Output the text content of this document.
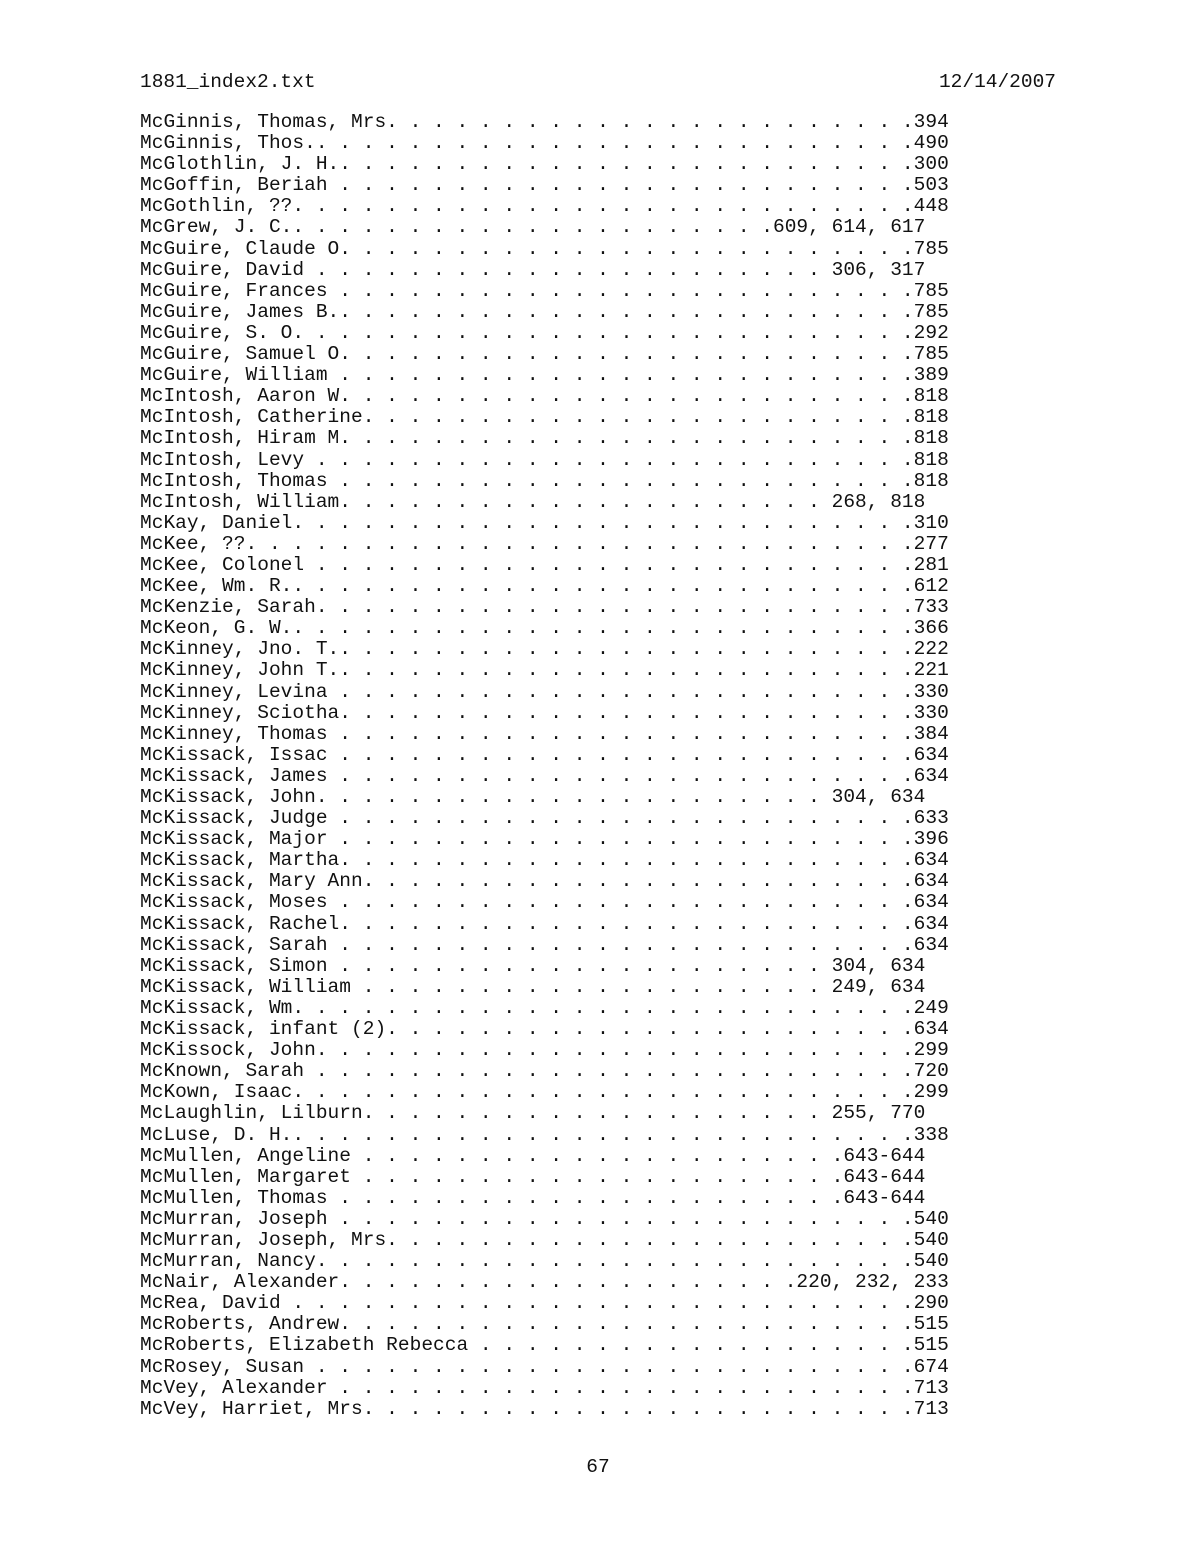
1881_index2.txt	12/14/2007
McGinnis, Thomas, Mrs. . . . . . . . . . . . . . . . . . . . . . .394
McGinnis, Thos.. . . . . . . . . . . . . . . . . . . . . . . . . .490
McGlothlin, J. H.. . . . . . . . . . . . . . . . . . . . . . . . .300
McGoffin, Beriah . . . . . . . . . . . . . . . . . . . . . . . . .503
McGothlin, ??. . . . . . . . . . . . . . . . . . . . . . . . . . .448
McGrew, J. C.. . . . . . . . . . . . . . . . . . . . .609, 614, 617
McGuire, Claude O. . . . . . . . . . . . . . . . . . . . . . . . .785
McGuire, David . . . . . . . . . . . . . . . . . . . . . . 306, 317
McGuire, Frances . . . . . . . . . . . . . . . . . . . . . . . . .785
McGuire, James B.. . . . . . . . . . . . . . . . . . . . . . . . .785
McGuire, S. O. . . . . . . . . . . . . . . . . . . . . . . . . . .292
McGuire, Samuel O. . . . . . . . . . . . . . . . . . . . . . . . .785
McGuire, William . . . . . . . . . . . . . . . . . . . . . . . . .389
McIntosh, Aaron W. . . . . . . . . . . . . . . . . . . . . . . . .818
McIntosh, Catherine. . . . . . . . . . . . . . . . . . . . . . . .818
McIntosh, Hiram M. . . . . . . . . . . . . . . . . . . . . . . . .818
McIntosh, Levy . . . . . . . . . . . . . . . . . . . . . . . . . .818
McIntosh, Thomas . . . . . . . . . . . . . . . . . . . . . . . . .818
McIntosh, William. . . . . . . . . . . . . . . . . . . . . 268, 818
McKay, Daniel. . . . . . . . . . . . . . . . . . . . . . . . . . .310
McKee, ??. . . . . . . . . . . . . . . . . . . . . . . . . . . . .277
McKee, Colonel . . . . . . . . . . . . . . . . . . . . . . . . . .281
McKee, Wm. R.. . . . . . . . . . . . . . . . . . . . . . . . . . .612
McKenzie, Sarah. . . . . . . . . . . . . . . . . . . . . . . . . .733
McKeon, G. W.. . . . . . . . . . . . . . . . . . . . . . . . . . .366
McKinney, Jno. T.. . . . . . . . . . . . . . . . . . . . . . . . .222
McKinney, John T.. . . . . . . . . . . . . . . . . . . . . . . . .221
McKinney, Levina . . . . . . . . . . . . . . . . . . . . . . . . .330
McKinney, Sciotha. . . . . . . . . . . . . . . . . . . . . . . . .330
McKinney, Thomas . . . . . . . . . . . . . . . . . . . . . . . . .384
McKissack, Issac . . . . . . . . . . . . . . . . . . . . . . . . .634
McKissack, James . . . . . . . . . . . . . . . . . . . . . . . . .634
McKissack, John. . . . . . . . . . . . . . . . . . . . . . 304, 634
McKissack, Judge . . . . . . . . . . . . . . . . . . . . . . . . .633
McKissack, Major . . . . . . . . . . . . . . . . . . . . . . . . .396
McKissack, Martha. . . . . . . . . . . . . . . . . . . . . . . . .634
McKissack, Mary Ann. . . . . . . . . . . . . . . . . . . . . . . .634
McKissack, Moses . . . . . . . . . . . . . . . . . . . . . . . . .634
McKissack, Rachel. . . . . . . . . . . . . . . . . . . . . . . . .634
McKissack, Sarah . . . . . . . . . . . . . . . . . . . . . . . . .634
McKissack, Simon . . . . . . . . . . . . . . . . . . . . . 304, 634
McKissack, William . . . . . . . . . . . . . . . . . . . . 249, 634
McKissack, Wm. . . . . . . . . . . . . . . . . . . . . . . . . . .249
McKissack, infant (2). . . . . . . . . . . . . . . . . . . . . . .634
McKissock, John. . . . . . . . . . . . . . . . . . . . . . . . . .299
McKnown, Sarah . . . . . . . . . . . . . . . . . . . . . . . . . .720
McKown, Isaac. . . . . . . . . . . . . . . . . . . . . . . . . . .299
McLaughlin, Lilburn. . . . . . . . . . . . . . . . . . . . 255, 770
McLuse, D. H.. . . . . . . . . . . . . . . . . . . . . . . . . . .338
McMullen, Angeline . . . . . . . . . . . . . . . . . . . . .643-644
McMullen, Margaret . . . . . . . . . . . . . . . . . . . . .643-644
McMullen, Thomas . . . . . . . . . . . . . . . . . . . . . .643-644
McMurran, Joseph . . . . . . . . . . . . . . . . . . . . . . . . .540
McMurran, Joseph, Mrs. . . . . . . . . . . . . . . . . . . . . . .540
McMurran, Nancy. . . . . . . . . . . . . . . . . . . . . . . . . .540
McNair, Alexander. . . . . . . . . . . . . . . . . . . .220, 232, 233
McRea, David . . . . . . . . . . . . . . . . . . . . . . . . . . .290
McRoberts, Andrew. . . . . . . . . . . . . . . . . . . . . . . . .515
McRoberts, Elizabeth Rebecca . . . . . . . . . . . . . . . . . . .515
McRosey, Susan . . . . . . . . . . . . . . . . . . . . . . . . . .674
McVey, Alexander . . . . . . . . . . . . . . . . . . . . . . . . .713
McVey, Harriet, Mrs. . . . . . . . . . . . . . . . . . . . . . . .713
67
